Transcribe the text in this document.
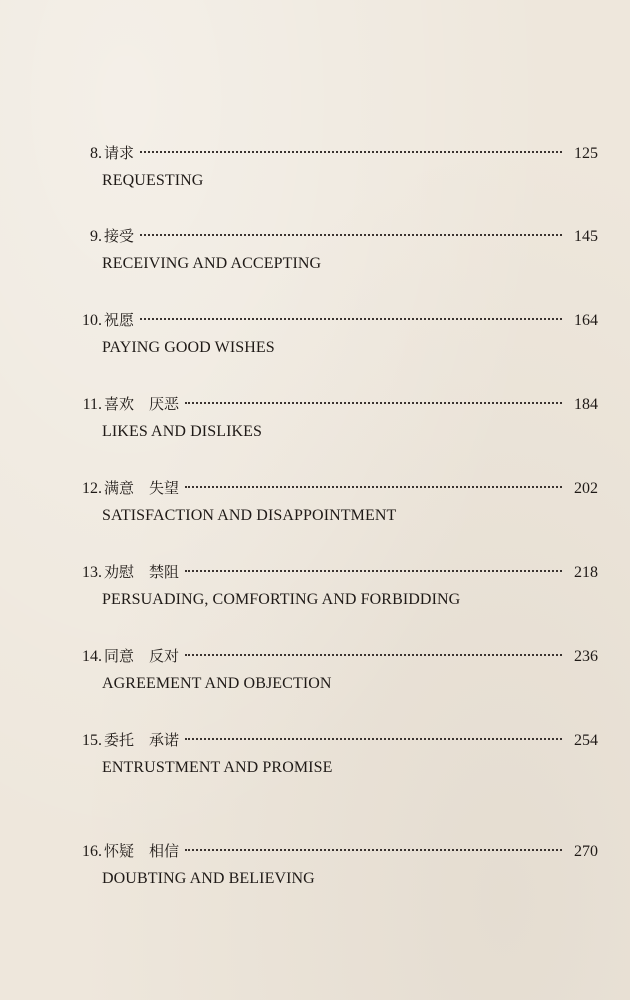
8. 请求	125
REQUESTING
9. 接受	145
RECEIVING AND ACCEPTING
10. 祝愿	164
PAYING GOOD WISHES
11. 喜欢　厌恶	184
LIKES AND DISLIKES
12. 满意　失望	202
SATISFACTION AND DISAPPOINTMENT
13. 劝慰　禁阻	218
PERSUADING, COMFORTING AND FORBIDDING
14. 同意　反对	236
AGREEMENT AND OBJECTION
15. 委托　承诺	254
ENTRUSTMENT AND PROMISE
16. 怀疑　相信	270
DOUBTING AND BELIEVING
